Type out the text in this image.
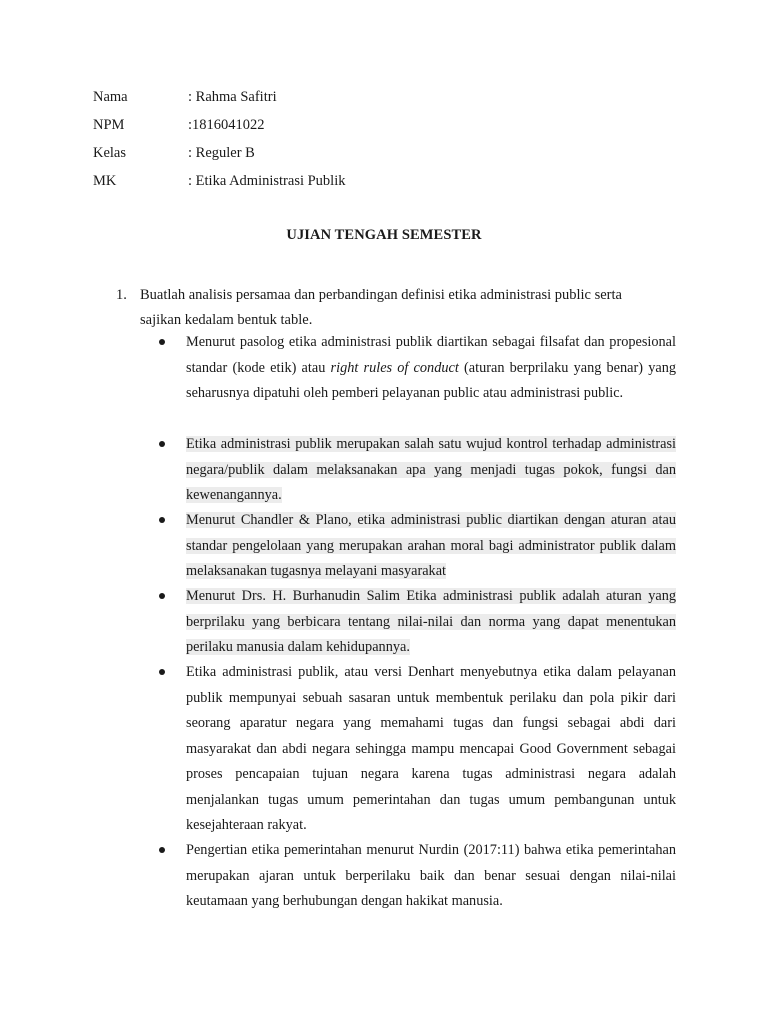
Nama	: Rahma Safitri
NPM	:1816041022
Kelas	: Reguler B
MK	: Etika Administrasi Publik
UJIAN TENGAH SEMESTER
1. Buatlah analisis persamaa dan perbandingan definisi etika administrasi public serta sajikan kedalam bentuk table.
Menurut pasolog etika administrasi publik diartikan sebagai filsafat dan propesional standar (kode etik) atau right rules of conduct (aturan berprilaku yang benar) yang seharusnya dipatuhi oleh pemberi pelayanan public atau administrasi public.
Etika administrasi publik merupakan salah satu wujud kontrol terhadap administrasi negara/publik dalam melaksanakan apa yang menjadi tugas pokok, fungsi dan kewenangannya.
Menurut Chandler & Plano, etika administrasi public diartikan dengan aturan atau standar pengelolaan yang merupakan arahan moral bagi administrator publik dalam melaksanakan tugasnya melayani masyarakat
Menurut Drs. H. Burhanudin Salim Etika administrasi publik adalah aturan yang berprilaku yang berbicara tentang nilai-nilai dan norma yang dapat menentukan perilaku manusia dalam kehidupannya.
Etika administrasi publik, atau versi Denhart menyebutnya etika dalam pelayanan publik mempunyai sebuah sasaran untuk membentuk perilaku dan pola pikir dari seorang aparatur negara yang memahami tugas dan fungsi sebagai abdi dari masyarakat dan abdi negara sehingga mampu mencapai Good Government sebagai proses pencapaian tujuan negara karena tugas administrasi negara adalah menjalankan tugas umum pemerintahan dan tugas umum pembangunan untuk kesejahteraan rakyat.
Pengertian etika pemerintahan menurut Nurdin (2017:11) bahwa etika pemerintahan merupakan ajaran untuk berperilaku baik dan benar sesuai dengan nilai-nilai keutamaan yang berhubungan dengan hakikat manusia.
